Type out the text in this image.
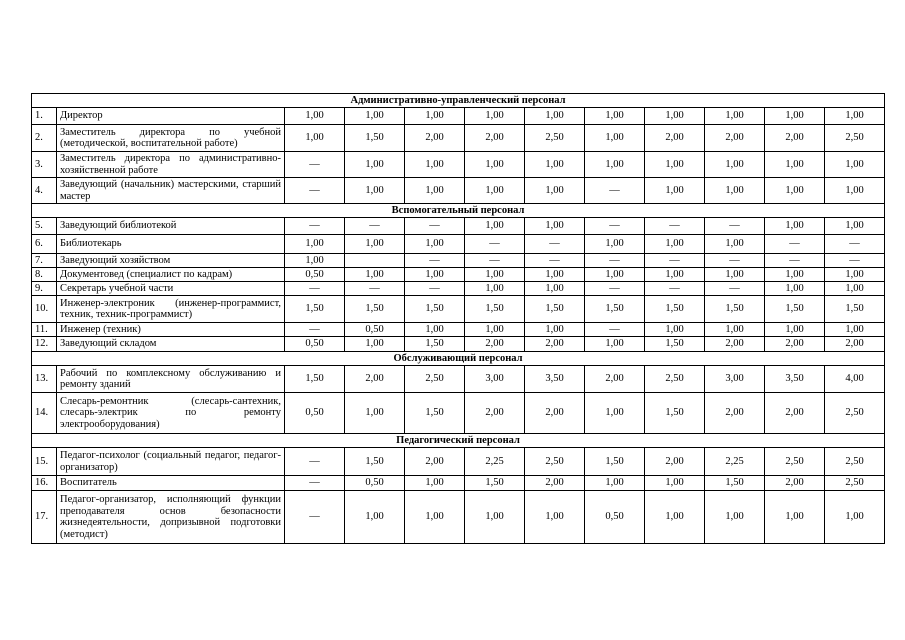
Административно-управленческий персонал											
1.	Директор	1,00	1,00	1,00	1,00	1,00	1,00	1,00	1,00	1,00	1,00
2.	Заместитель директора по учебной (методической, воспитательной работе)	1,00	1,50	2,00	2,00	2,50	1,00	2,00	2,00	2,00	2,50
3.	Заместитель директора по административно-хозяйственной работе	—	1,00	1,00	1,00	1,00	1,00	1,00	1,00	1,00	1,00
4.	Заведующий (начальник) мастерскими, старший мастер	—	1,00	1,00	1,00	1,00	—	1,00	1,00	1,00	1,00
Вспомогательный персонал											
5.	Заведующий библиотекой	—	—	—	1,00	1,00	—	—	—	1,00	1,00
6.	Библиотекарь	1,00	1,00	1,00	—	—	1,00	1,00	1,00	—	—
7.	Заведующий хозяйством	1,00		—	—	—	—	—	—	—	—
8.	Документовед (специалист по кадрам)	0,50	1,00	1,00	1,00	1,00	1,00	1,00	1,00	1,00	1,00
9.	Секретарь учебной части	—	—	—	1,00	1,00	—	—	—	1,00	1,00
10.	Инженер-электроник (инженер-программист, техник, техник-программист)	1,50	1,50	1,50	1,50	1,50	1,50	1,50	1,50	1,50	1,50
11.	Инженер (техник)	—	0,50	1,00	1,00	1,00	—	1,00	1,00	1,00	1,00
12.	Заведующий складом	0,50	1,00	1,50	2,00	2,00	1,00	1,50	2,00	2,00	2,00
Обслуживающий персонал											
13.	Рабочий по комплексному обслуживанию и ремонту зданий	1,50	2,00	2,50	3,00	3,50	2,00	2,50	3,00	3,50	4,00
14.	Слесарь-ремонтник (слесарь-сантехник, слесарь-электрик по ремонту электрооборудования)	0,50	1,00	1,50	2,00	2,00	1,00	1,50	2,00	2,00	2,50
Педагогический персонал											
15.	Педагог-психолог (социальный педагог, педагог-организатор)	—	1,50	2,00	2,25	2,50	1,50	2,00	2,25	2,50	2,50
16.	Воспитатель	—	0,50	1,00	1,50	2,00	1,00	1,00	1,50	2,00	2,50
17.	Педагог-организатор, исполняющий функции преподавателя основ безопасности жизнедеятельности, допризывной подготовки (методист)	—	1,00	1,00	1,00	1,00	0,50	1,00	1,00	1,00	1,00
